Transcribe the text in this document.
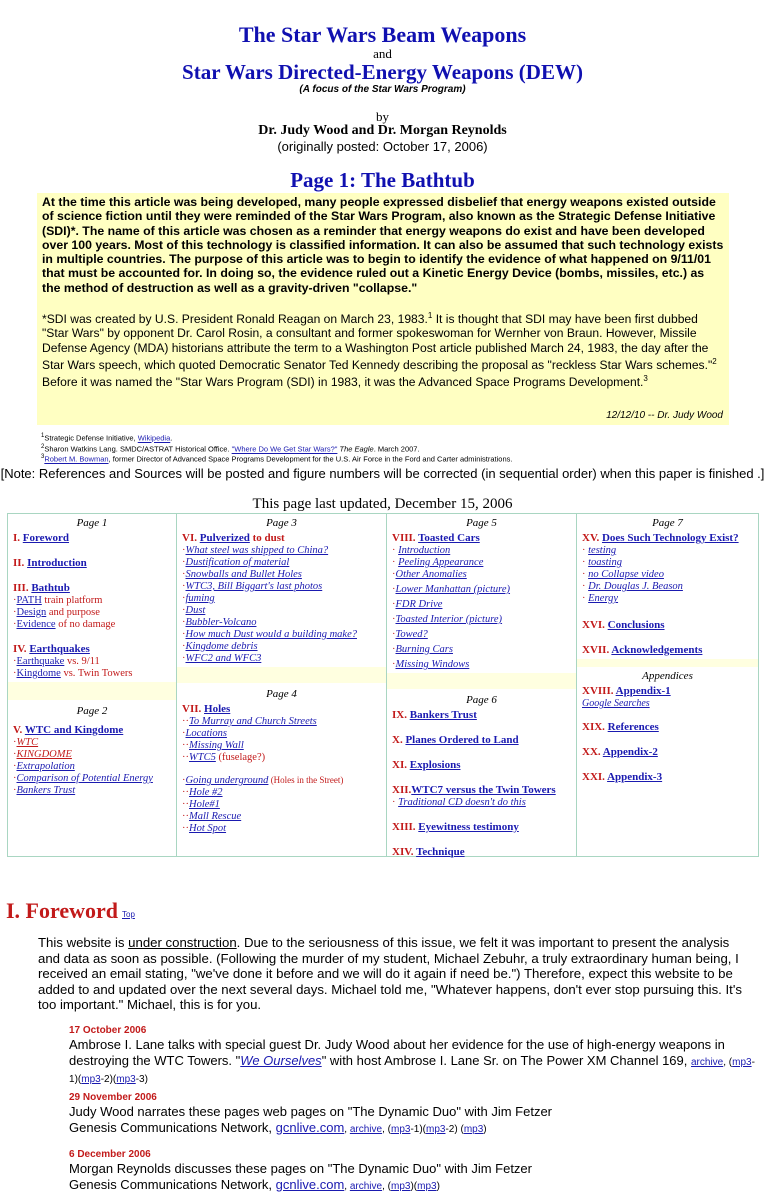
The Star Wars Beam Weapons
and
Star Wars Directed-Energy Weapons (DEW)
(A focus of the Star Wars Program)
by
Dr. Judy Wood and Dr. Morgan Reynolds
(originally posted: October 17, 2006)
Page 1: The Bathtub

At the time this article was being developed, many people expressed disbelief that energy weapons existed outside of science fiction until they were reminded of the Star Wars Program, also known as the Strategic Defense Initiative (SDI)*. The name of this article was chosen as a reminder that energy weapons do exist and have been developed over 100 years. Most of this technology is classified information. It can also be assumed that such technology exists in multiple countries. The purpose of this article was to begin to identify the evidence of what happened on 9/11/01 that must be accounted for. In doing so, the evidence ruled out a Kinetic Energy Device (bombs, missiles, etc.) as the method of destruction as well as a gravity-driven "collapse."

*SDI was created by U.S. President Ronald Reagan on March 23, 1983.$^1$ It is thought that SDI may have been first dubbed "Star Wars" by opponent Dr. Carol Rosin, a consultant and former spokeswoman for Wernher von Braun. However, Missile Defense Agency (MDA) historians attribute the term to a Washington Post article published March 24, 1983, the day after the Star Wars speech, which quoted Democratic Senator Ted Kennedy describing the proposal as "reckless Star Wars schemes."$^2$ Before it was named the "Star Wars Program (SDI) in 1983, it was the Advanced Space Programs Development.$^3$

12/12/10 -- Dr. Judy Wood
$^1$Strategic Defense Initiative, Wikipedia.
$^2$Sharon Watkins Lang. SMDC/ASTRAT Historical Office. "Where Do We Get Star Wars?" The Eagle. March 2007.
$^3$Robert M. Bowman, former Director of Advanced Space Programs Development for the U.S. Air Force in the Ford and Carter administrations.
[Note: References and Sources will be posted and figure numbers will be corrected (in sequential order) when this paper is finished .]
This page last updated, December 15, 2006
Page 1
I. Foreword
II. Introduction
III. Bathtub
·PATH train platform
·Design and purpose
·Evidence of no damage
IV. Earthquakes
·Earthquake vs. 9/11
·Kingdome vs. Twin Towers
Page 2
V. WTC and Kingdome
·WTC
·KINGDOME
·Extrapolation
·Comparison of Potential Energy
·Bankers Trust
Page 3
VI. Pulverized to dust
·What steel was shipped to China?
·Dustification of material
·Snowballs and Bullet Holes
·WTC3, Bill Biggart's last photos
·fuming
·Dust
·Bubbler-Volcano
·How much Dust would a building make?
·Kingdome debris
·WFC2 and WFC3
Page 4
VII. Holes
··To Murray and Church Streets
·Locations
··Missing Wall
··WTC5 (fuselage?)
·Going underground (Holes in the Street)
··Hole #2
··Hole#1
··Mall Rescue
··Hot Spot
Page 5
VIII. Toasted Cars
· Introduction
· Peeling Appearance
·Other Anomalies
·Lower Manhattan (picture)
·FDR Drive
·Toasted Interior (picture)
·Towed?
·Burning Cars
·Missing Windows
Page 6
IX. Bankers Trust
X. Planes Ordered to Land
XI. Explosions
XII.WTC7 versus the Twin Towers
· Traditional CD doesn't do this
XIII. Eyewitness testimony
XIV. Technique
Page 7
XV. Does Such Technology Exist?
· testing
· toasting
· no Collapse video
· Dr. Douglas J. Beason
· Energy
XVI. Conclusions
XVII. Acknowledgements
Appendices
XVIII. Appendix-1
Google Searches
XIX. References
XX. Appendix-2
XXI. Appendix-3
I. Foreword Top
This website is under construction. Due to the seriousness of this issue, we felt it was important to present the analysis and data as soon as possible. (Following the murder of my student, Michael Zebuhr, a truly extraordinary human being, I received an email stating, "we've done it before and we will do it again if need be.") Therefore, expect this website to be added to and updated over the next several days. Michael told me, "Whatever happens, don't ever stop pursuing this. It's too important." Michael, this is for you.
17 October 2006
Ambrose I. Lane talks with special guest Dr. Judy Wood about her evidence for the use of high-energy weapons in destroying the WTC Towers. "We Ourselves" with host Ambrose I. Lane Sr. on The Power XM Channel 169, archive, (mp3-1)(mp3-2)(mp3-3)
29 November 2006
Judy Wood narrates these pages web pages on "The Dynamic Duo" with Jim Fetzer
Genesis Communications Network, gcnlive.com, archive, (mp3-1)(mp3-2) (mp3)
6 December 2006
Morgan Reynolds discusses these pages on "The Dynamic Duo" with Jim Fetzer
Genesis Communications Network, gcnlive.com, archive, (mp3)(mp3)
